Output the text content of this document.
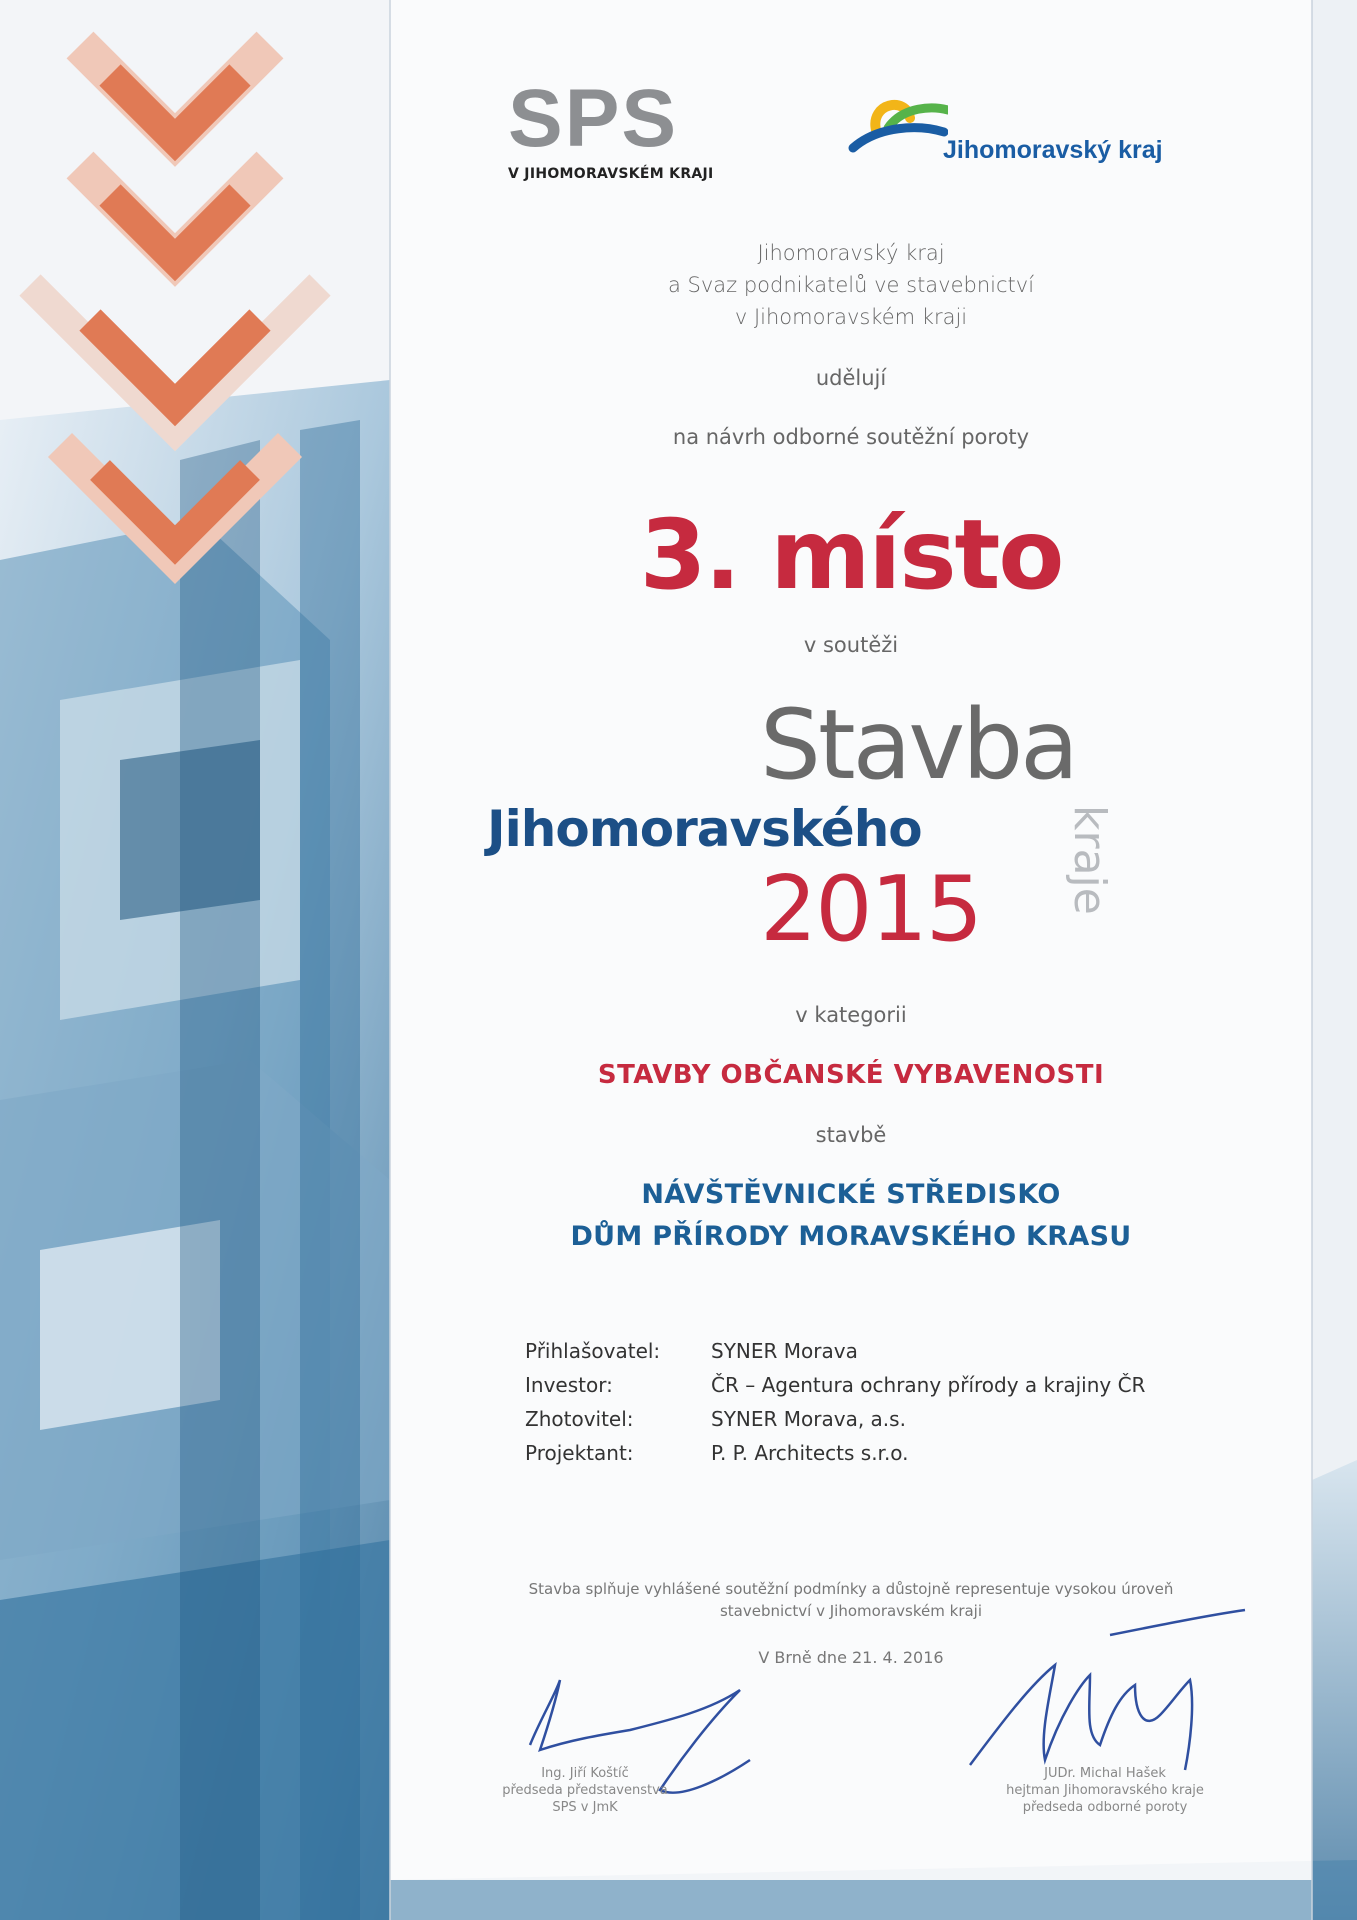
SPS
V JIHOMORAVSKÉM KRAJI
Jihomoravský kraj
Jihomoravský kraj
a Svaz podnikatelů ve stavebnictví
v Jihomoravském kraji
udělují
na návrh odborné soutěžní poroty
3. místo
v soutěži
Stavba
Jihomoravského
2015 kraje
v kategorii
STAVBY OBČANSKÉ VYBAVENOSTI
stavbě
NÁVŠTĚVNICKÉ STŘEDISKO
DŮM PŘÍRODY MORAVSKÉHO KRASU
Přihlašovatel:	SYNER Morava
Investor:	ČR – Agentura ochrany přírody a krajiny ČR
Zhotovitel:	SYNER Morava, a.s.
Projektant:	P. P. Architects s.r.o.
Stavba splňuje vyhlášené soutěžní podmínky a důstojně representuje vysokou úroveň
stavebnictví v Jihomoravském kraji
V Brně dne 21. 4. 2016
Ing. Jiří Koštíč
předseda představenstva
SPS v JmK
JUDr. Michal Hašek
hejtman Jihomoravského kraje
předseda odborné poroty
